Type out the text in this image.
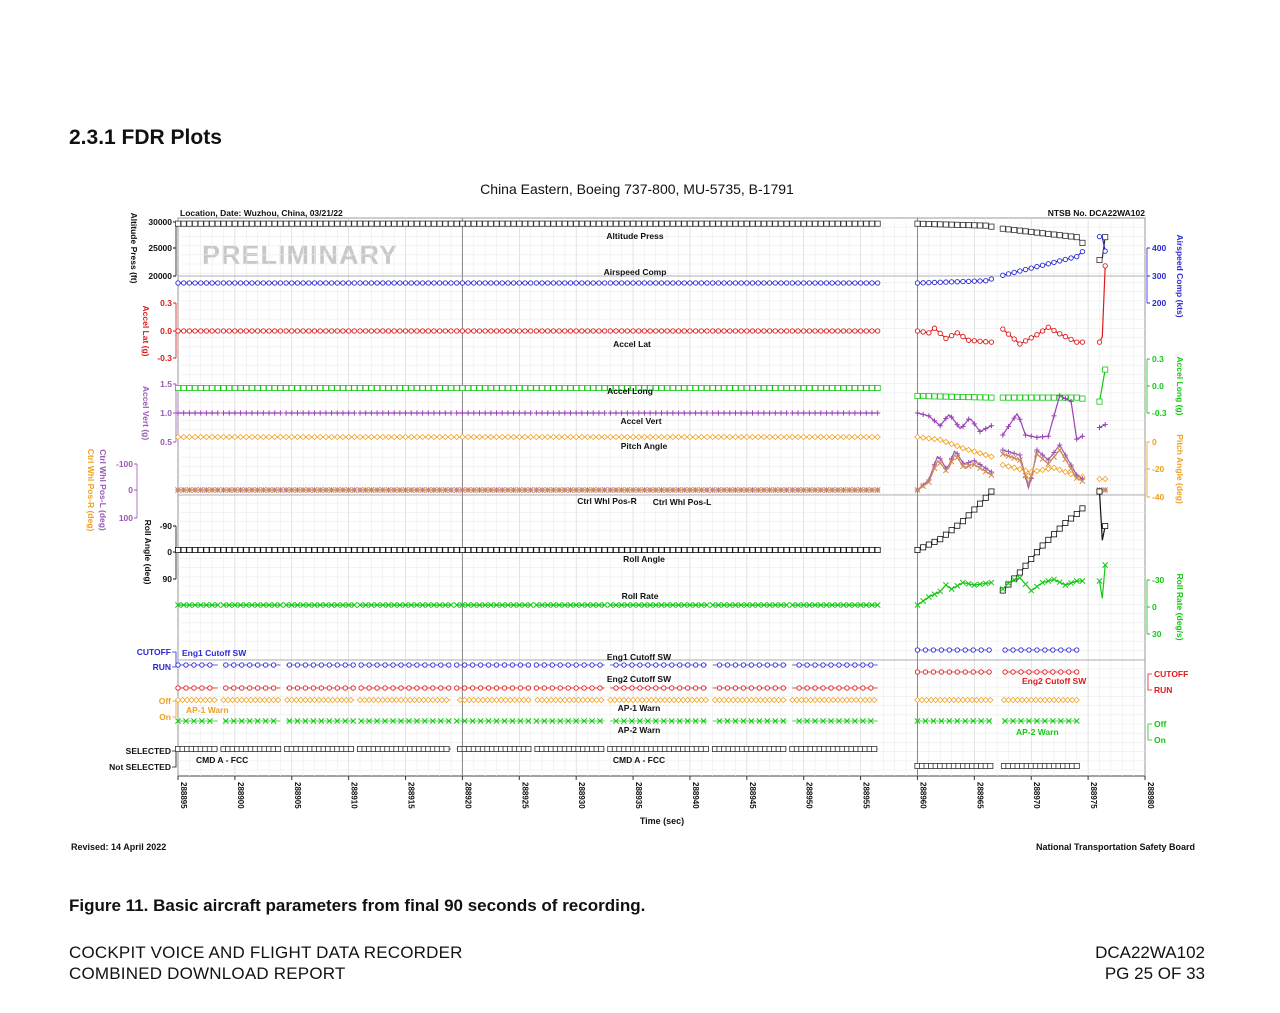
2.3.1 FDR Plots
China Eastern, Boeing 737-800, MU-5735, B-1791
Location, Date: Wuzhou, China, 03/21/22	NTSB No. DCA22WA102
PRELIMINARY
Time (sec)
288895	288900	288905	288910	288915	288920	288925	288930	288935	288940	288945	288950	288955	288960	288965	288970	288975	288980
Altitude Press
Airspeed Comp
Accel Lat
Accel Long
Accel Vert
Pitch Angle
Ctrl Whl Pos-R Ctrl Whl Pos-L
Roll Angle
Roll Rate
Eng1 Cutoff SW
Eng2 Cutoff SW
AP-1 Warn
AP-2 Warn
CMD A - FCC
Eng1 Cutoff SW
Eng2 Cutoff SW
AP-1 Warn
AP-2 Warn
CMD A - FCC
30000
25000
20000
Altitude Press (ft)
0.3
0.0
-0.3
Accel Lat (g)
1.5
1.0
0.5
Accel Vert (g)
-100
0
100
Ctrl Whl Pos-L (deg)
Ctrl Whl Pos-R (deg)	-90
0
90
Roll Angle (deg)
400
300
200 Airspeed Comp (kts)
0.3
0.0
-0.3 Accel Long (g)
0
-20
-40 Pitch Angle (deg)
-30
0
30 Roll Rate (deg/s)
CUTOFF
RUN
Off
On
SELECTED
Not SELECTED
CUTOFF
RUN
Off
On
Revised: 14 April 2022	National Transportation Safety Board
Figure 11. Basic aircraft parameters from final 90 seconds of recording.
COCKPIT VOICE AND FLIGHT DATA RECORDER
COMBINED DOWNLOAD REPORT
DCA22WA102
PG 25 OF 33
